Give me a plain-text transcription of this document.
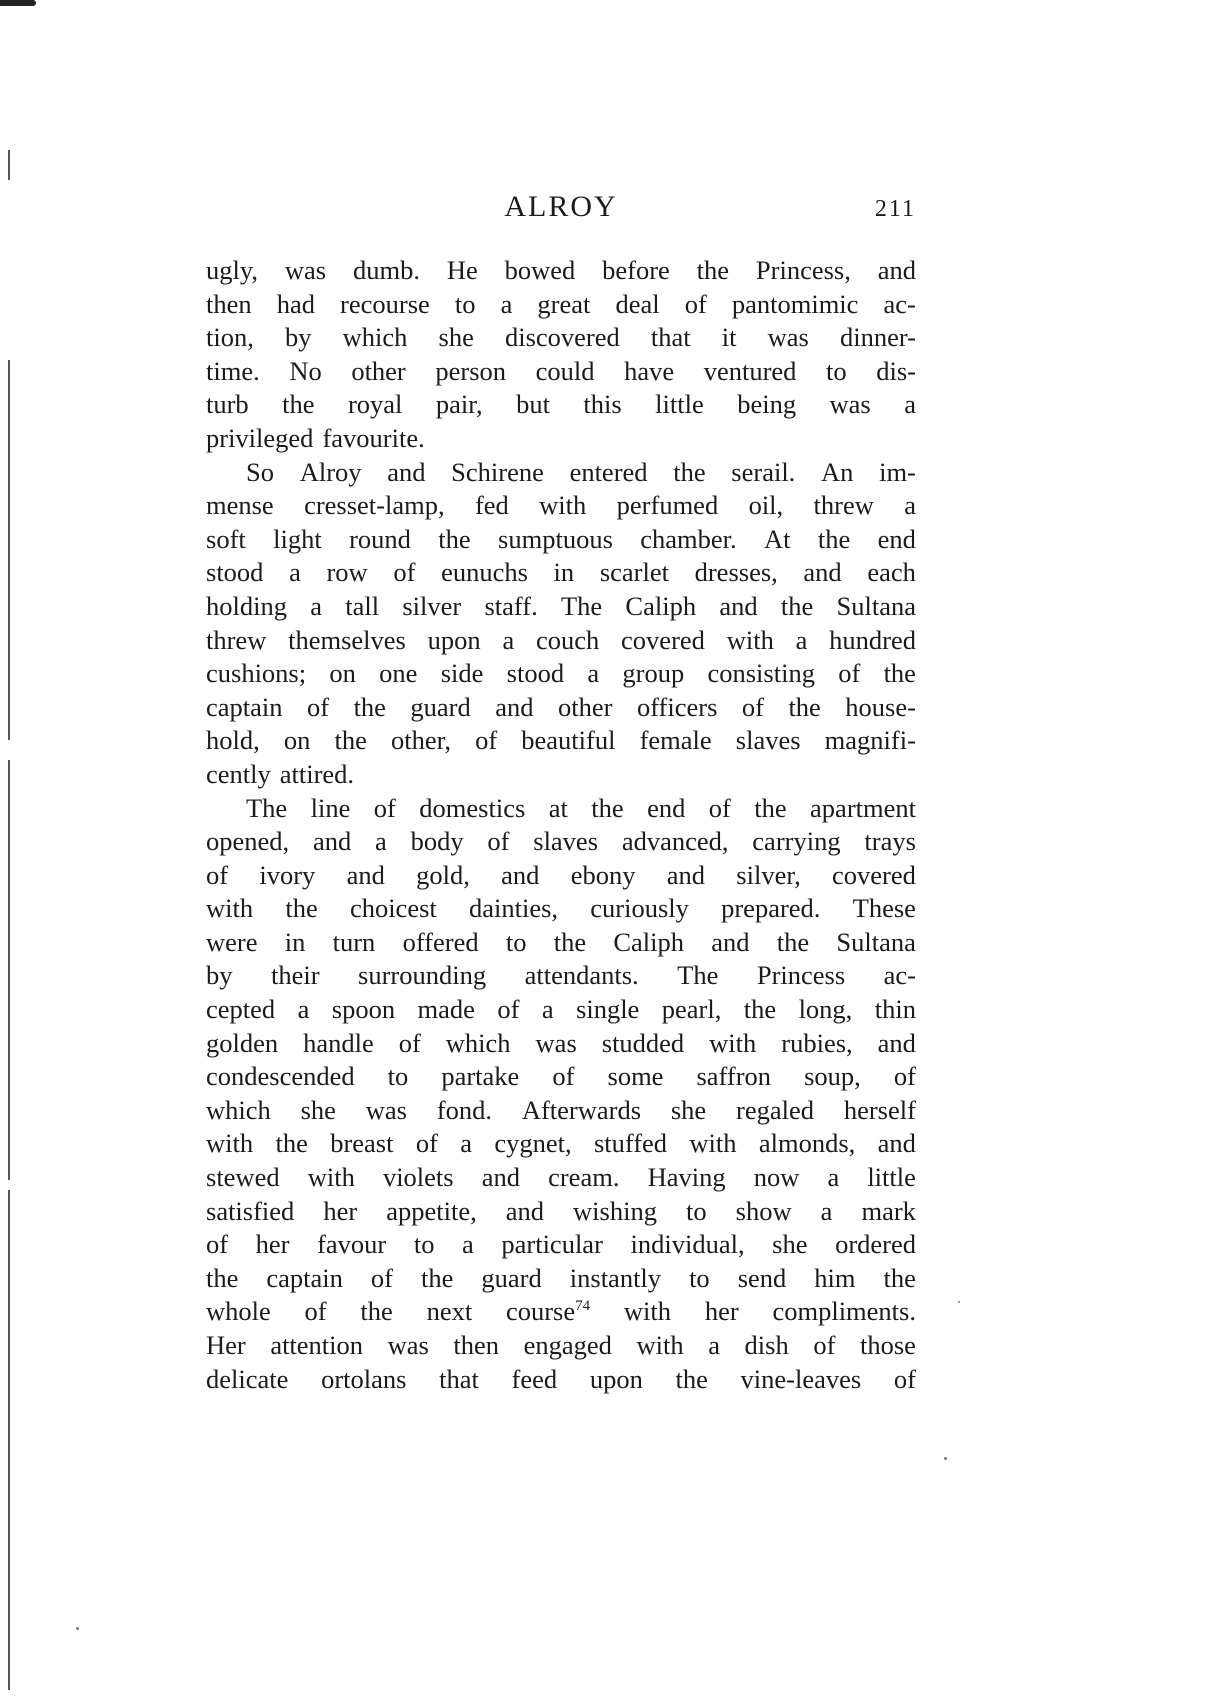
ALROY	211
ugly, was dumb. He bowed before the Princess, and
then had recourse to a great deal of pantomimic ac-
tion, by which she discovered that it was dinner-
time. No other person could have ventured to dis-
turb the royal pair, but this little being was a
privileged favourite.
So Alroy and Schirene entered the serail. An im-
mense cresset-lamp, fed with perfumed oil, threw a
soft light round the sumptuous chamber. At the end
stood a row of eunuchs in scarlet dresses, and each
holding a tall silver staff. The Caliph and the Sultana
threw themselves upon a couch covered with a hundred
cushions; on one side stood a group consisting of the
captain of the guard and other officers of the house-
hold, on the other, of beautiful female slaves magnifi-
cently attired.
The line of domestics at the end of the apartment
opened, and a body of slaves advanced, carrying trays
of ivory and gold, and ebony and silver, covered
with the choicest dainties, curiously prepared. These
were in turn offered to the Caliph and the Sultana
by their surrounding attendants. The Princess ac-
cepted a spoon made of a single pearl, the long, thin
golden handle of which was studded with rubies, and
condescended to partake of some saffron soup, of
which she was fond. Afterwards she regaled herself
with the breast of a cygnet, stuffed with almonds, and
stewed with violets and cream. Having now a little
satisfied her appetite, and wishing to show a mark
of her favour to a particular individual, she ordered
the captain of the guard instantly to send him the
whole of the next course$^{74}$ with her compliments.
Her attention was then engaged with a dish of those
delicate ortolans that feed upon the vine-leaves of
